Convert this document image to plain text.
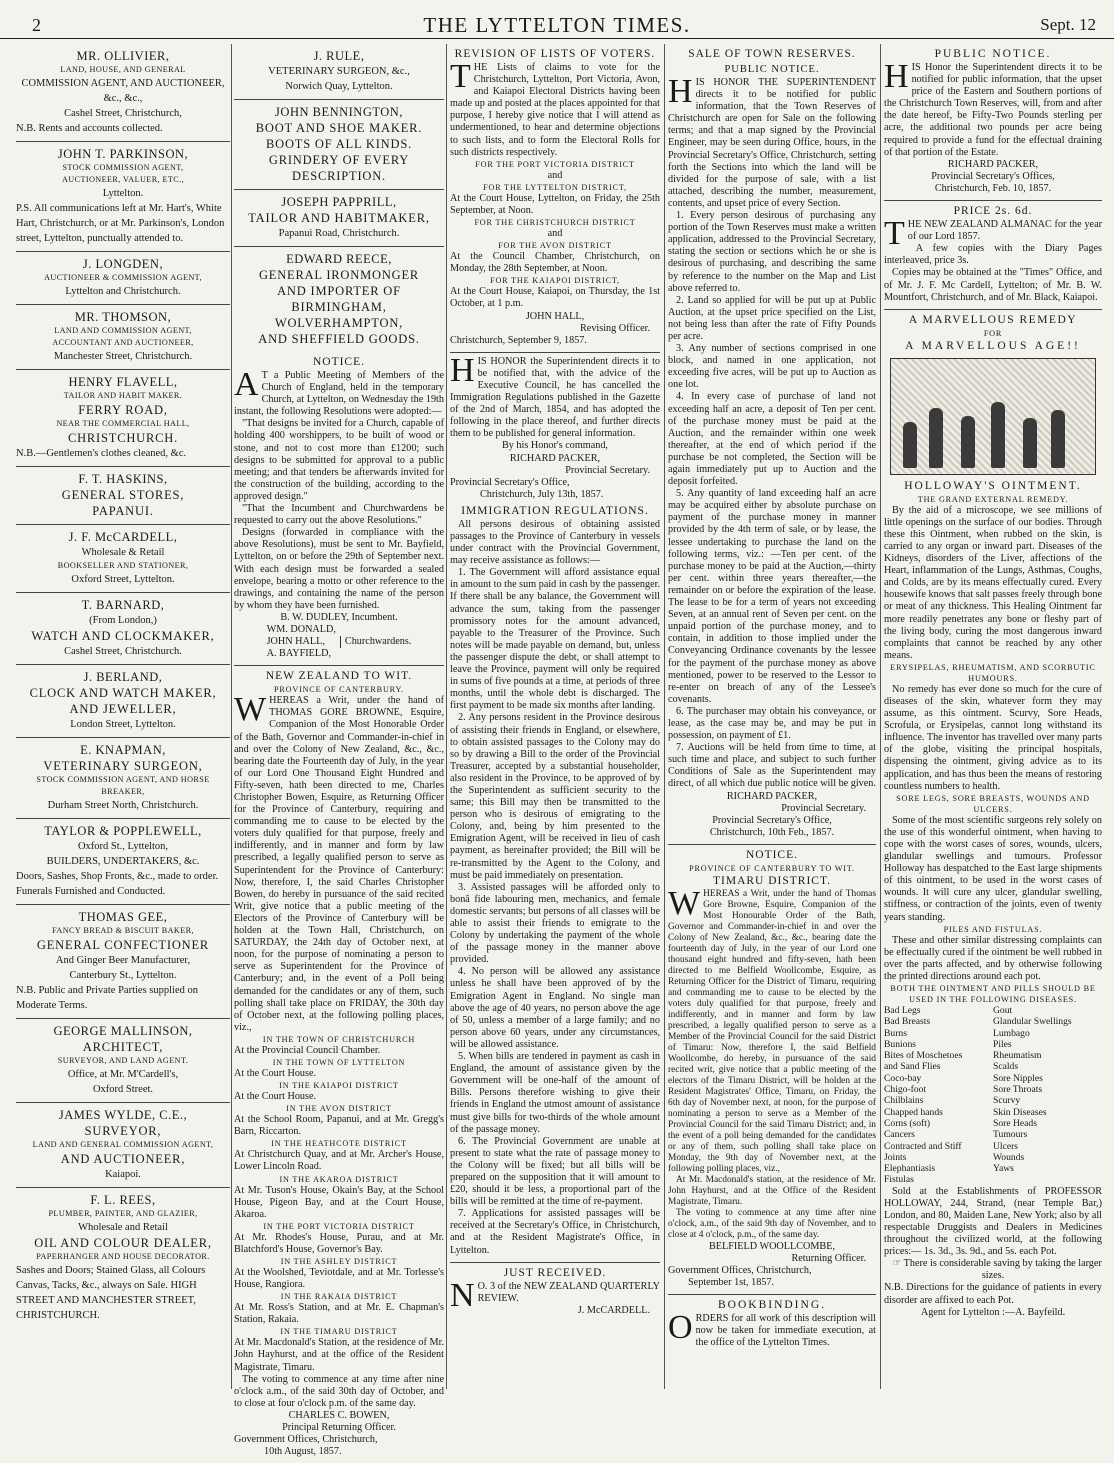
2	THE LYTTELTON TIMES.	Sept. 12
MR. OLLIVIER,
LAND, HOUSE, AND GENERAL
COMMISSION AGENT, AND AUCTIONEER, &c., &c.,
Cashel Street, Christchurch,
N.B. Rents and accounts collected.
JOHN T. PARKINSON,
STOCK COMMISSION AGENT,
AUCTIONEER, VALUER, ETC.,
Lyttelton.
P.S. All communications left at Mr. Hart's, White Hart, Christchurch, or at Mr. Parkinson's, London street, Lyttelton, punctually attended to.
J. LONGDEN,
AUCTIONEER & COMMISSION AGENT,
Lyttelton and Christchurch.
MR. THOMSON,
LAND AND COMMISSION AGENT,
ACCOUNTANT AND AUCTIONEER,
Manchester Street, Christchurch.
HENRY FLAVELL,
TAILOR AND HABIT MAKER.
FERRY ROAD,
NEAR THE COMMERCIAL HALL,
CHRISTCHURCH.
N.B.—Gentlemen's clothes cleaned, &c.
F. T. HASKINS,
GENERAL STORES,
PAPANUI.
J. F. McCARDELL,
Wholesale & Retail
BOOKSELLER AND STATIONER,
Oxford Street, Lyttelton.
T. BARNARD,
(From London,)
WATCH AND CLOCKMAKER,
Cashel Street, Christchurch.
J. BERLAND,
CLOCK AND WATCH MAKER,
AND JEWELLER,
London Street, Lyttelton.
E. KNAPMAN,
VETERINARY SURGEON,
STOCK COMMISSION AGENT, AND HORSE BREAKER,
Durham Street North, Christchurch.
TAYLOR & POPPLEWELL,
Oxford St., Lyttelton,
BUILDERS, UNDERTAKERS, &c.
Doors, Sashes, Shop Fronts, &c., made to order. Funerals Furnished and Conducted.
THOMAS GEE,
FANCY BREAD & BISCUIT BAKER,
GENERAL CONFECTIONER
And Ginger Beer Manufacturer,
Canterbury St., Lyttelton.
N.B. Public and Private Parties supplied on Moderate Terms.
GEORGE MALLINSON,
ARCHITECT,
SURVEYOR, AND LAND AGENT.
Office, at Mr. M'Cardell's,
Oxford Street.
JAMES WYLDE, C.E.,
SURVEYOR,
LAND AND GENERAL COMMISSION AGENT,
AND AUCTIONEER,
Kaiapoi.
F. L. REES,
PLUMBER, PAINTER, AND GLAZIER,
Wholesale and Retail
OIL AND COLOUR DEALER,
PAPERHANGER AND HOUSE DECORATOR.
Sashes and Doors; Stained Glass, all Colours Canvas, Tacks, &c., always on Sale. HIGH STREET AND MANCHESTER STREET, CHRISTCHURCH.
J. RULE,
VETERINARY SURGEON, &c.,
Norwich Quay, Lyttelton.
JOHN BENNINGTON,
BOOT AND SHOE MAKER.
BOOTS OF ALL KINDS.
GRINDERY OF EVERY DESCRIPTION.
JOSEPH PAPPRILL,
TAILOR AND HABITMAKER,
Papanui Road, Christchurch.
EDWARD REECE,
GENERAL IRONMONGER
AND IMPORTER OF
BIRMINGHAM, WOLVERHAMPTON,
AND SHEFFIELD GOODS.
NOTICE.

A T a Public Meeting of Members of the Church of England, held in the temporary Church, at Lyttelton, on Wednesday the 19th instant, the following Resolutions were adopted:—

"That designs be invited for a Church, capable of holding 400 worshippers, to be built of wood or stone, and not to cost more than £1200; such designs to be submitted for approval to a public meeting; and that tenders be afterwards invited for the construction of the building, according to the approved design."

"That the Incumbent and Churchwardens be requested to carry out the above Resolutions."

Designs (forwarded in compliance with the above Resolutions), must be sent to Mr. Bayfield, Lyttelton, on or before the 29th of September next. With each design must be forwarded a sealed envelope, bearing a motto or other reference to the drawings, and containing the name of the person by whom they have been furnished.

B. W. DUDLEY, Incumbent.
WM. DONALD,
JOHN HALL,
A. BAYFIELD,
Churchwardens.
NEW ZEALAND TO WIT.
PROVINCE OF CANTERBURY.

WHEREAS a Writ, under the hand of THOMAS GORE BROWNE, Esquire, Companion of the Most Honorable Order of the Bath, Governor and Commander-in-chief in and over the Colony of New Zealand, &c., &c., bearing date the Fourteenth day of July, in the year of our Lord One Thousand Eight Hundred and Fifty-seven, hath been directed to me, Charles Christopher Bowen, Esquire, as Returning Officer for the Province of Canterbury, requiring and commanding me to cause to be elected by the voters duly qualified for that purpose, freely and indifferently, and in manner and form by law prescribed, a legally qualified person to serve as Superintendent for the Province of Canterbury: Now, therefore, I, the said Charles Christopher Bowen, do hereby in pursuance of the said recited Writ, give notice that a public meeting of the Electors of the Province of Canterbury will be holden at the Town Hall, Christchurch, on SATURDAY, the 24th day of October next, at noon, for the purpose of nominating a person to serve as Superintendent for the Province of Canterbury; and, in the event of a Poll being demanded for the candidates or any of them, such polling shall take place on FRIDAY, the 30th day of October next, at the following polling places, viz.,

IN THE TOWN OF CHRISTCHURCH
At the Provincial Council Chamber.
IN THE TOWN OF LYTTELTON
At the Court House.
IN THE KAIAPOI DISTRICT
At the Court House.
IN THE AVON DISTRICT
At the School Room, Papanui, and at Mr. Gregg's Barn, Riccarton.
IN THE HEATHCOTE DISTRICT
At Christchurch Quay, and at Mr. Archer's House, Lower Lincoln Road.
IN THE AKAROA DISTRICT
At Mr. Tuson's House, Okain's Bay, at the School House, Pigeon Bay, and at the Court House, Akaroa.
IN THE PORT VICTORIA DISTRICT
At Mr. Rhodes's House, Purau, and at Mr. Blatchford's House, Governor's Bay.
IN THE ASHLEY DISTRICT
At the Woolshed, Teviotdale, and at Mr. Torlesse's House, Rangiora.
IN THE RAKAIA DISTRICT
At Mr. Ross's Station, and at Mr. E. Chapman's Station, Rakaia.
IN THE TIMARU DISTRICT
At Mr. Macdonald's Station, at the residence of Mr. John Hayhurst, and at the office of the Resident Magistrate, Timaru.

The voting to commence at any time after nine o'clock a.m., of the said 30th day of October, and to close at four o'clock p.m. of the same day.

CHARLES C. BOWEN,
Principal Returning Officer.
Government Offices, Christchurch,
10th August, 1857.
REVISION OF LISTS OF VOTERS.

THE Lists of claims to vote for the Christchurch, Lyttelton, Port Victoria, Avon, and Kaiapoi Electoral Districts having been made up and posted at the places appointed for that purpose, I hereby give notice that I will attend as undermentioned, to hear and determine objections to such lists, and to form the Electoral Rolls for such districts respectively.

FOR THE PORT VICTORIA DISTRICT
and
FOR THE LYTTELTON DISTRICT,

At the Court House, Lyttelton, on Friday, the 25th September, at Noon.

FOR THE CHRISTCHURCH DISTRICT
and
FOR THE AVON DISTRICT

At the Council Chamber, Christchurch, on Monday, the 28th September, at Noon.

FOR THE KAIAPOI DISTRICT,

At the Court House, Kaiapoi, on Thursday, the 1st October, at 1 p.m.

JOHN HALL,
Revising Officer.
Christchurch, September 9, 1857.

HIS HONOR the Superintendent directs it to be notified that, with the advice of the Executive Council, he has cancelled the Immigration Regulations published in the Gazette of the 2nd of March, 1854, and has adopted the following in the place thereof, and further directs them to be published for general information.

By his Honor's command,
RICHARD PACKER,
Provincial Secretary.
Provincial Secretary's Office,
Christchurch, July 13th, 1857.
IMMIGRATION REGULATIONS.

All persons desirous of obtaining assisted passages to the Province of Canterbury in vessels under contract with the Provincial Government, may receive assistance as follows:—

1. The Government will afford assistance equal in amount to the sum paid in cash by the passenger. If there shall be any balance, the Government will advance the sum, taking from the passenger promissory notes for the amount advanced, payable to the Treasurer of the Province. Such notes will be made payable on demand, but, unless the passenger dispute the debt, or shall attempt to leave the Province, payment will only be required in sums of five pounds at a time, at periods of three months, until the whole debt is discharged. The first payment to be made six months after landing.

2. Any persons resident in the Province desirous of assisting their friends in England, or elsewhere, to obtain assisted passages to the Colony may do so by drawing a Bill to the order of the Provincial Treasurer, accepted by a substantial householder, also resident in the Province, to be approved of by the Superintendent as sufficient security to the same; this Bill may then be transmitted to the person who is desirous of emigrating to the Colony, and, being by him presented to the Emigration Agent, will be received in lieu of cash payment, as hereinafter provided; the Bill will be re-transmitted by the Agent to the Colony, and must be paid immediately on presentation.

3. Assisted passages will be afforded only to bonâ fide labouring men, mechanics, and female domestic servants; but persons of all classes will be able to assist their friends to emigrate to the Colony by undertaking the payment of the whole of the passage money in the manner above provided.

4. No person will be allowed any assistance unless he shall have been approved of by the Emigration Agent in England. No single man above the age of 40 years, no person above the age of 50, unless a member of a large family; and no person above 60 years, under any circumstances, will be allowed assistance.

5. When bills are tendered in payment as cash in England, the amount of assistance given by the Government will be one-half of the amount of Bills. Persons therefore wishing to give their friends in England the utmost amount of assistance must give bills for two-thirds of the whole amount of the passage money.

6. The Provincial Government are unable at present to state what the rate of passage money to the Colony will be fixed; but all bills will be prepared on the supposition that it will amount to £20, should it be less, a proportional part of the bills will be remitted at the time of re-payment.

7. Applications for assisted passages will be received at the Secretary's Office, in Christchurch, and at the Resident Magistrate's Office, in Lyttelton.

JUST RECEIVED.

N O. 3 of the NEW ZEALAND QUARTERLY REVIEW.

J. McCARDELL.
SALE OF TOWN RESERVES.
PUBLIC NOTICE.

HIS HONOR THE SUPERINTENDENT directs it to be notified for public information, that the Town Reserves of Christchurch are open for Sale on the following terms; and that a map signed by the Provincial Engineer, may be seen during Office, hours, in the Provincial Secretary's Office, Christchurch, setting forth the Sections into which the land will be divided for the purpose of sale, with a list attached, describing the number, measurement, contents, and upset price of every Section.

1. Every person desirous of purchasing any portion of the Town Reserves must make a written application, addressed to the Provincial Secretary, stating the section or sections which he or she is desirous of purchasing, and describing the same by reference to the number on the Map and List above referred to.

2. Land so applied for will be put up at Public Auction, at the upset price specified on the List, not being less than after the rate of Fifty Pounds per acre.

3. Any number of sections comprised in one block, and named in one application, not exceeding five acres, will be put up to Auction as one lot.

4. In every case of purchase of land not exceeding half an acre, a deposit of Ten per cent. of the purchase money must be paid at the Auction, and the remainder within one week thereafter, at the end of which period if the purchase be not completed, the Section will be again immediately put up to Auction and the deposit forfeited.

5. Any quantity of land exceeding half an acre may be acquired either by absolute purchase on payment of the purchase money in manner provided by the 4th term of sale, or by lease, the lessee undertaking to purchase the land on the following terms, viz.: —Ten per cent. of the purchase money to be paid at the Auction,—thirty per cent. within three years thereafter,—the remainder on or before the expiration of the lease. The lease to be for a term of years not exceeding Seven, at an annual rent of Seven per cent. on the unpaid portion of the purchase money, and to contain, in addition to those implied under the Conveyancing Ordinance covenants by the lessee for the payment of the purchase money as above mentioned, power to be reserved to the Lessor to re-enter on breach of any of the Lessee's covenants.

6. The purchaser may obtain his conveyance, or lease, as the case may be, and may be put in possession, on payment of £1.

7. Auctions will be held from time to time, at such time and place, and subject to such further Conditions of Sale as the Superintendent may direct, of all which due public notice will be given.

RICHARD PACKER,
Provincial Secretary.
Provincial Secretary's Office,
Christchurch, 10th Feb., 1857.
NOTICE.
PROVINCE OF CANTERBURY TO WIT.
TIMARU DISTRICT.

WHEREAS a Writ, under the hand of Thomas Gore Browne, Esquire, Companion of the Most Honourable Order of the Bath, Governor and Commander-in-chief in and over the Colony of New Zealand, &c., &c., bearing date the fourteenth day of July, in the year of our Lord one thousand eight hundred and fifty-seven, hath been directed to me Belfield Woollcombe, Esquire, as Returning Officer for the District of Timaru, requiring and commanding me to cause to be elected by the voters duly qualified for that purpose, freely and indifferently, and in manner and form by law prescribed, a legally qualified person to serve as a Member of the Provincial Council for the said District of Timaru: Now, therefore I, the said Belfield Woollcombe, do hereby, in pursuance of the said recited writ, give notice that a public meeting of the electors of the Timaru District, will be holden at the Resident Magistrates' Office, Timaru, on Friday, the 6th day of November next, at noon, for the purpose of nominating a person to serve as a Member of the Provincial Council for the said Timaru District; and, in the event of a poll being demanded for the candidates or any of them, such polling shall take place on Monday, the 9th day of November next, at the following polling places, viz.,

At Mr. Macdonald's station, at the residence of Mr. John Hayhurst, and at the Office of the Resident Magistrate, Timaru.

The voting to commence at any time after nine o'clock, a.m., of the said 9th day of November, and to close at 4 o'clock, p.m., of the same day.

BELFIELD WOOLLCOMBE,
Returning Officer.
Government Offices, Christchurch,
September 1st, 1857.
BOOKBINDING.

ORDERS for all work of this description will now be taken for immediate execution, at the office of the Lyttelton Times.

PUBLIC NOTICE.

HIS Honor the Superintendent directs it to be notified for public information, that the upset price of the Eastern and Southern portions of the Christchurch Town Reserves, will, from and after the date hereof, be Fifty-Two Pounds sterling per acre, the additional two pounds per acre being required to provide a fund for the effectual draining of that portion of the Estate.

RICHARD PACKER,
Provincial Secretary's Offices,
Christchurch, Feb. 10, 1857.
PRICE 2s. 6d.

THE NEW ZEALAND ALMANAC for the year of our Lord 1857.

A few copies with the Diary Pages interleaved, price 3s.

Copies may be obtained at the "Times" Office, and of Mr. J. F. Mc Cardell, Lyttelton; of Mr. B. W. Mountfort, Christchurch, and of Mr. Black, Kaiapoi.

A MARVELLOUS REMEDY
FOR
A MARVELLOUS AGE!!
HOLLOWAY'S OINTMENT.
THE GRAND EXTERNAL REMEDY.

By the aid of a microscope, we see millions of little openings on the surface of our bodies. Through these this Ointment, when rubbed on the skin, is carried to any organ or inward part. Diseases of the Kidneys, disorders of the Liver, affections of the Heart, inflammation of the Lungs, Asthmas, Coughs, and Colds, are by its means effectually cured. Every housewife knows that salt passes freely through bone or meat of any thickness. This Healing Ointment far more readily penetrates any bone or fleshy part of the living body, curing the most dangerous inward complaints that cannot be reached by any other means.

ERYSIPELAS, RHEUMATISM, AND SCORBUTIC HUMOURS.

No remedy has ever done so much for the cure of diseases of the skin, whatever form they may assume, as this ointment. Scurvy, Sore Heads, Scrofula, or Erysipelas, cannot long withstand its influence. The inventor has travelled over many parts of the globe, visiting the principal hospitals, dispensing the ointment, giving advice as to its application, and has thus been the means of restoring countless numbers to health.

SORE LEGS, SORE BREASTS, WOUNDS AND ULCERS.

Some of the most scientific surgeons rely solely on the use of this wonderful ointment, when having to cope with the worst cases of sores, wounds, ulcers, glandular swellings and tumours. Professor Holloway has despatched to the East large shipments of this ointment, to be used in the worst cases of wounds. It will cure any ulcer, glandular swelling, stiffness, or contraction of the joints, even of twenty years standing.

PILES AND FISTULAS.

These and other similar distressing complaints can be effectually cured if the ointment be well rubbed in over the parts affected, and by otherwise following the printed directions around each pot.

BOTH THE OINTMENT AND PILLS SHOULD BE USED IN THE FOLLOWING DISEASES.
Bad Legs
Bad Breasts
Burns
Bunions
Bites of Moschetoes
and Sand Flies
Coco-bay
Chigo-foot
Chilblains
Chapped hands
Corns (soft)
Cancers
Contracted and Stiff
Joints
Elephantiasis
Fistulas
Gout
Glandular Swellings
Lumbago
Piles
Rheumatism
Scalds
Sore Nipples
Sore Throats
Scurvy
Skin Diseases
Sore Heads
Tumours
Ulcers
Wounds
Yaws

Sold at the Establishments of PROFESSOR HOLLOWAY, 244, Strand, (near Temple Bar,) London, and 80, Maiden Lane, New York; also by all respectable Druggists and Dealers in Medicines throughout the civilized world, at the following prices:— 1s. 3d., 3s. 9d., and 5s. each Pot.

☞ There is considerable saving by taking the larger sizes.

N.B. Directions for the guidance of patients in every disorder are affixed to each Pot.

Agent for Lyttelton :—A. Bayfeild.
